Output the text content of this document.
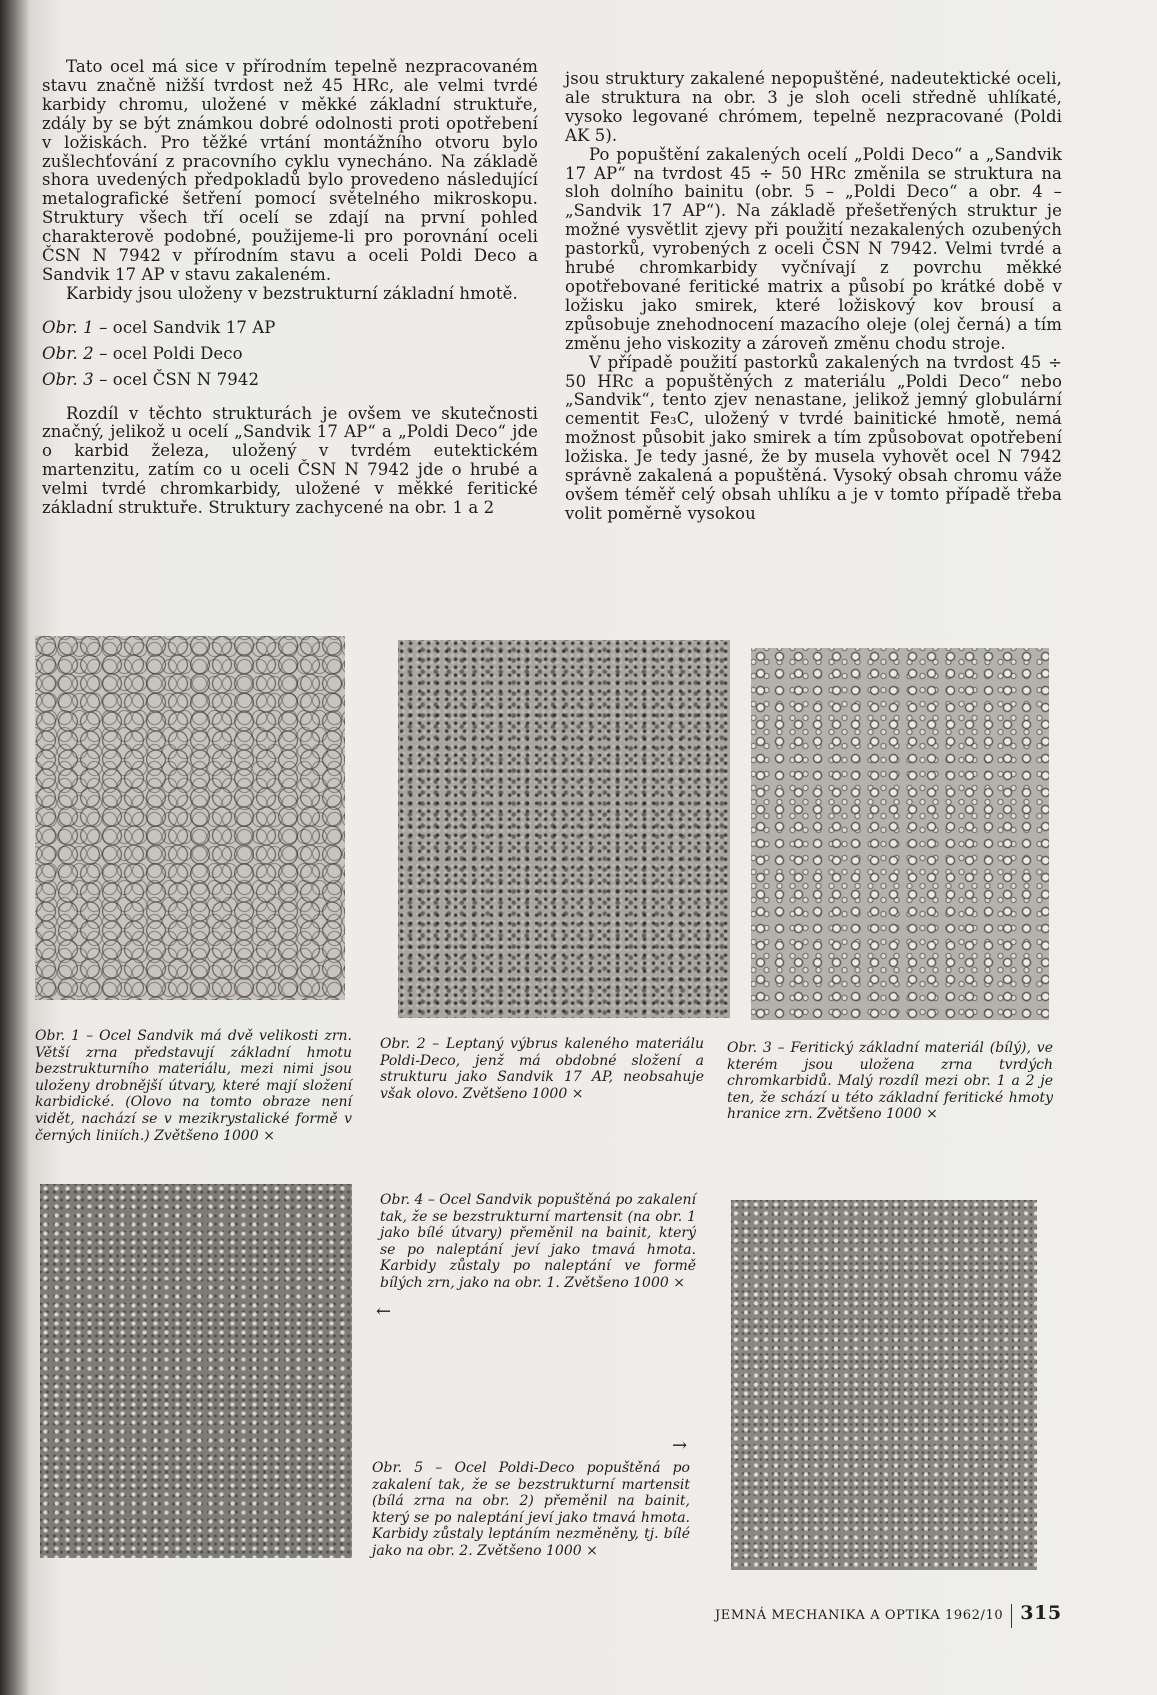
Tato ocel má sice v přírodním tepelně nezpracovaném stavu značně nižší tvrdost než 45 HRc, ale velmi tvrdé karbidy chromu, uložené v měkké základní struktuře, zdály by se být známkou dobré odolnosti proti opotřebení v ložiskách. Pro těžké vrtání montážního otvoru bylo zušlechťování z pracovního cyklu vynecháno. Na základě shora uvedených předpokladů bylo provedeno následující metalografické šetření pomocí světelného mikroskopu. Struktury všech tří ocelí se zdají na první pohled charakterově podobné, použijeme-li pro porovnání oceli ČSN N 7942 v přírodním stavu a oceli Poldi Deco a Sandvik 17 AP v stavu zakaleném.

Karbidy jsou uloženy v bezstrukturní základní hmotě.

Obr. 1 – ocel Sandvik 17 AP

Obr. 2 – ocel Poldi Deco

Obr. 3 – ocel ČSN N 7942

Rozdíl v těchto strukturách je ovšem ve skutečnosti značný, jelikož u ocelí „Sandvik 17 AP“ a „Poldi Deco“ jde o karbid železa, uložený v tvrdém eutektickém martenzitu, zatím co u oceli ČSN N 7942 jde o hrubé a velmi tvrdé chromkarbidy, uložené v měkké feritické základní struktuře. Struktury zachycené na obr. 1 a 2

jsou struktury zakalené nepopuštěné, nadeutektické oceli, ale struktura na obr. 3 je sloh oceli středně uhlíkaté, vysoko legované chrómem, tepelně nezpracované (Poldi AK 5).

Po popuštění zakalených ocelí „Poldi Deco“ a „Sandvik 17 AP“ na tvrdost 45 ÷ 50 HRc změnila se struktura na sloh dolního bainitu (obr. 5 – „Poldi Deco“ a obr. 4 – „Sandvik 17 AP“). Na základě přešetřených struktur je možné vysvětlit zjevy při použití nezakalených ozubených pastorků, vyrobených z oceli ČSN N 7942. Velmi tvrdé a hrubé chromkarbidy vyčnívají z povrchu měkké opotřebované feritické matrix a působí po krátké době v ložisku jako smirek, které ložiskový kov brousí a způsobuje znehodnocení mazacího oleje (olej černá) a tím změnu jeho viskozity a zároveň změnu chodu stroje.

V případě použití pastorků zakalených na tvrdost 45 ÷ 50 HRc a popuštěných z materiálu „Poldi Deco“ nebo „Sandvik“, tento zjev nenastane, jelikož jemný globulární cementit Fe₃C, uložený v tvrdé bainitické hmotě, nemá možnost působit jako smirek a tím způsobovat opotřebení ložiska. Je tedy jasné, že by musela vyhovět ocel N 7942 správně zakalená a popuštěná. Vysoký obsah chromu váže ovšem téměř celý obsah uhlíku a je v tomto případě třeba volit poměrně vysokou

Obr. 1 – Ocel Sandvik má dvě velikosti zrn. Větší zrna představují základní hmotu bezstrukturního materiálu, mezi nimi jsou uloženy drobnější útvary, které mají složení karbidické. (Olovo na tomto obraze není vidět, nachází se v mezikrystalické formě v černých liniích.) Zvětšeno 1000 ×

Obr. 2 – Leptaný výbrus kaleného materiálu Poldi-Deco, jenž má obdobné složení a strukturu jako Sandvik 17 AP, neobsahuje však olovo. Zvětšeno 1000 ×

Obr. 3 – Feritický základní materiál (bílý), ve kterém jsou uložena zrna tvrdých chromkarbidů. Malý rozdíl mezi obr. 1 a 2 je ten, že schází u této základní feritické hmoty hranice zrn. Zvětšeno 1000 ×

Obr. 4 – Ocel Sandvik popuštěná po zakalení tak, že se bezstrukturní martensit (na obr. 1 jako bílé útvary) přeměnil na bainit, který se po naleptání jeví jako tmavá hmota. Karbidy zůstaly po naleptání ve formě bílých zrn, jako na obr. 1. Zvětšeno 1000 ×

←
→

Obr. 5 – Ocel Poldi-Deco popuštěná po zakalení tak, že se bezstrukturní martensit (bílá zrna na obr. 2) přeměnil na bainit, který se po naleptání jeví jako tmavá hmota. Karbidy zůstaly leptáním nezměněny, tj. bílé jako na obr. 2. Zvětšeno 1000 ×

JEMNÁ MECHANIKA A OPTIKA 1962/10 315
